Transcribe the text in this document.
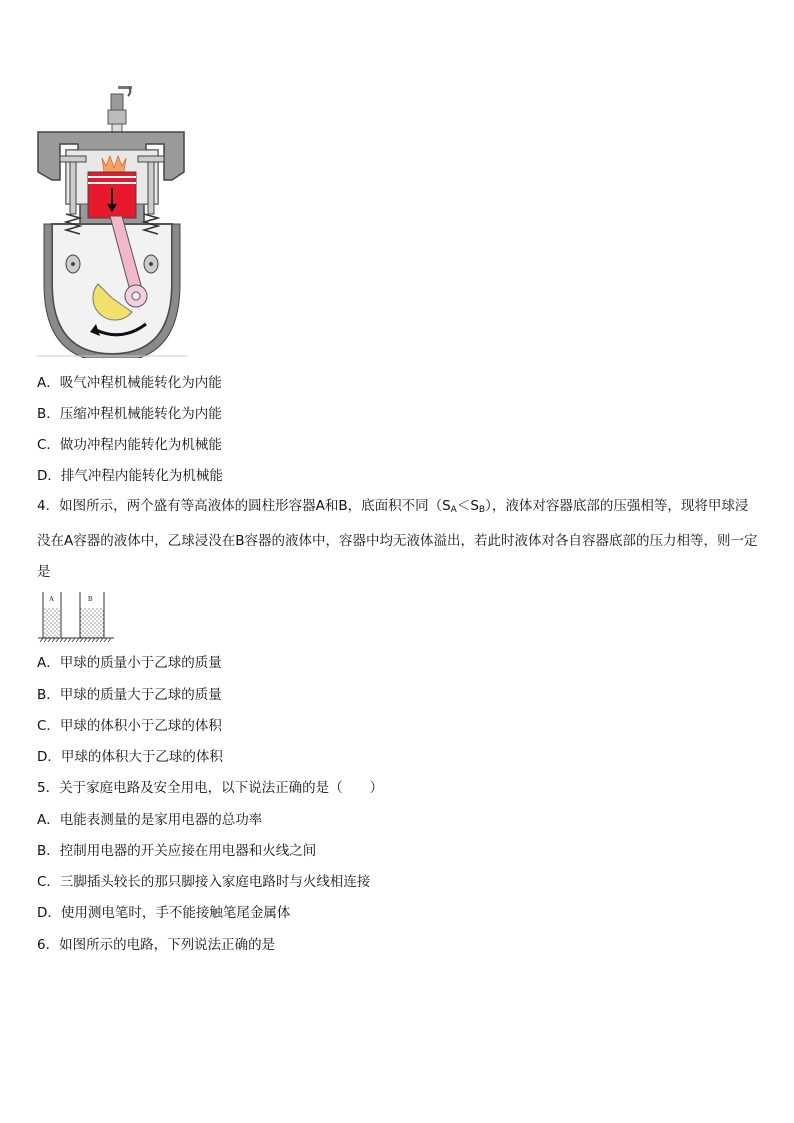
A．吸气冲程机械能转化为内能
B．压缩冲程机械能转化为内能
C．做功冲程内能转化为机械能
D．排气冲程内能转化为机械能
4．如图所示，两个盛有等高液体的圆柱形容器A和B，底面积不同$(S_A<S_B)$，液体对容器底部的压强相等，现将甲球浸没在A容器的液体中，乙球浸没在B容器的液体中，容器中均无液体溢出，若此时液体对各自容器底部的压力相等，则一定是
A	B
A．甲球的质量小于乙球的质量
B．甲球的质量大于乙球的质量
C．甲球的体积小于乙球的体积
D．甲球的体积大于乙球的体积
5．关于家庭电路及安全用电，以下说法正确的是（　　）
A．电能表测量的是家用电器的总功率
B．控制用电器的开关应接在用电器和火线之间
C．三脚插头较长的那只脚接入家庭电路时与火线相连接
D．使用测电笔时，手不能接触笔尾金属体
6．如图所示的电路，下列说法正确的是
